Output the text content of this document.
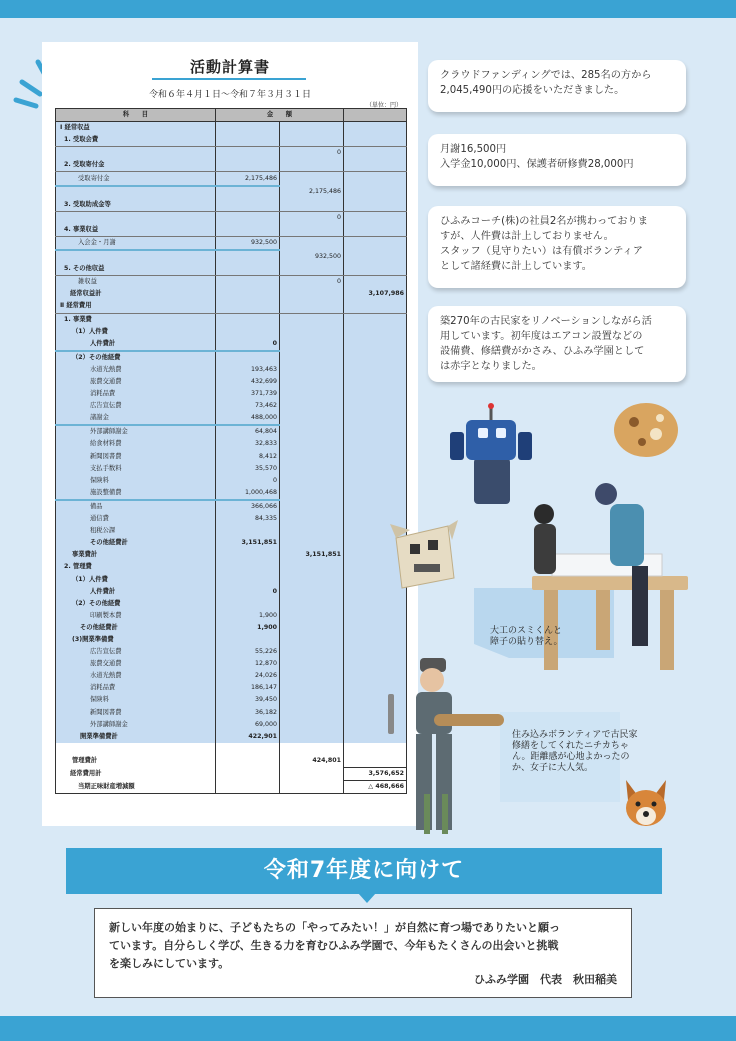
活動計算書
令和６年４月１日～令和７年３月３１日
（単位：円）
科　　目	金　　額		
Ⅰ 経常収益			
1. 受取会費			
		0	
2. 受取寄付金			
受取寄付金	2,175,486		
		2,175,486	
3. 受取助成金等			
		0	
4. 事業収益			
入会金・月謝	932,500		
		932,500	
5. その他収益			
雑収益		0	
経常収益計			3,107,986
Ⅱ 経常費用			
1. 事業費			
（1）人件費			
人件費計	0		
（2）その他経費			
水道光熱費	193,463		
旅費交通費	432,699		
消耗品費	371,739		
広告宣伝費	73,462		
諸謝金	488,000		
外部講師謝金	64,804		
給食材料費	32,833		
新聞図書費	8,412		
支払手数料	35,570		
保険料	0		
施設整備費	1,000,468		
備品	366,066		
通信費	84,335		
租税公課			
その他経費計	3,151,851		
事業費計		3,151,851	
2. 管理費			
（1）人件費			
人件費計	0		
（2）その他経費			
印刷製本費	1,900		
その他経費計	1,900		
(3)開業準備費			
広告宣伝費	55,226		
旅費交通費	12,870		
水道光熱費	24,026		
消耗品費	186,147		
保険料	39,450		
新聞図書費	36,182		
外部講師謝金	69,000		
開業準備費計	422,901		

管理費計		424,801	
経常費用計			3,576,652
当期正味財産増減額			△ 468,666
クラウドファンディングでは、285名の方から
2,045,490円の応援をいただきました。
月謝16,500円
入学金10,000円、保護者研修費28,000円
ひふみコーチ(株)の社員2名が携わっておりま
すが、人件費は計上しておりません。
スタッフ（見守りたい）は有償ボランティア
として諸経費に計上しています。
築270年の古民家をリノベーションしながら活
用しています。初年度はエアコン設置などの
設備費、修繕費がかさみ、ひふみ学園として
は赤字となりました。
大工のスミくんと
障子の貼り替え。
住み込みボランティアで古民家
修繕をしてくれたニチカちゃ
ん。距離感が心地よかったの
か、女子に大人気。
令和7年度に向けて
新しい年度の始まりに、子どもたちの「やってみたい！」が自然に育つ場でありたいと願っ
ています。自分らしく学び、生きる力を育むひふみ学園で、今年もたくさんの出会いと挑戦
を楽しみにしています。
ひふみ学園　代表　秋田稲美
